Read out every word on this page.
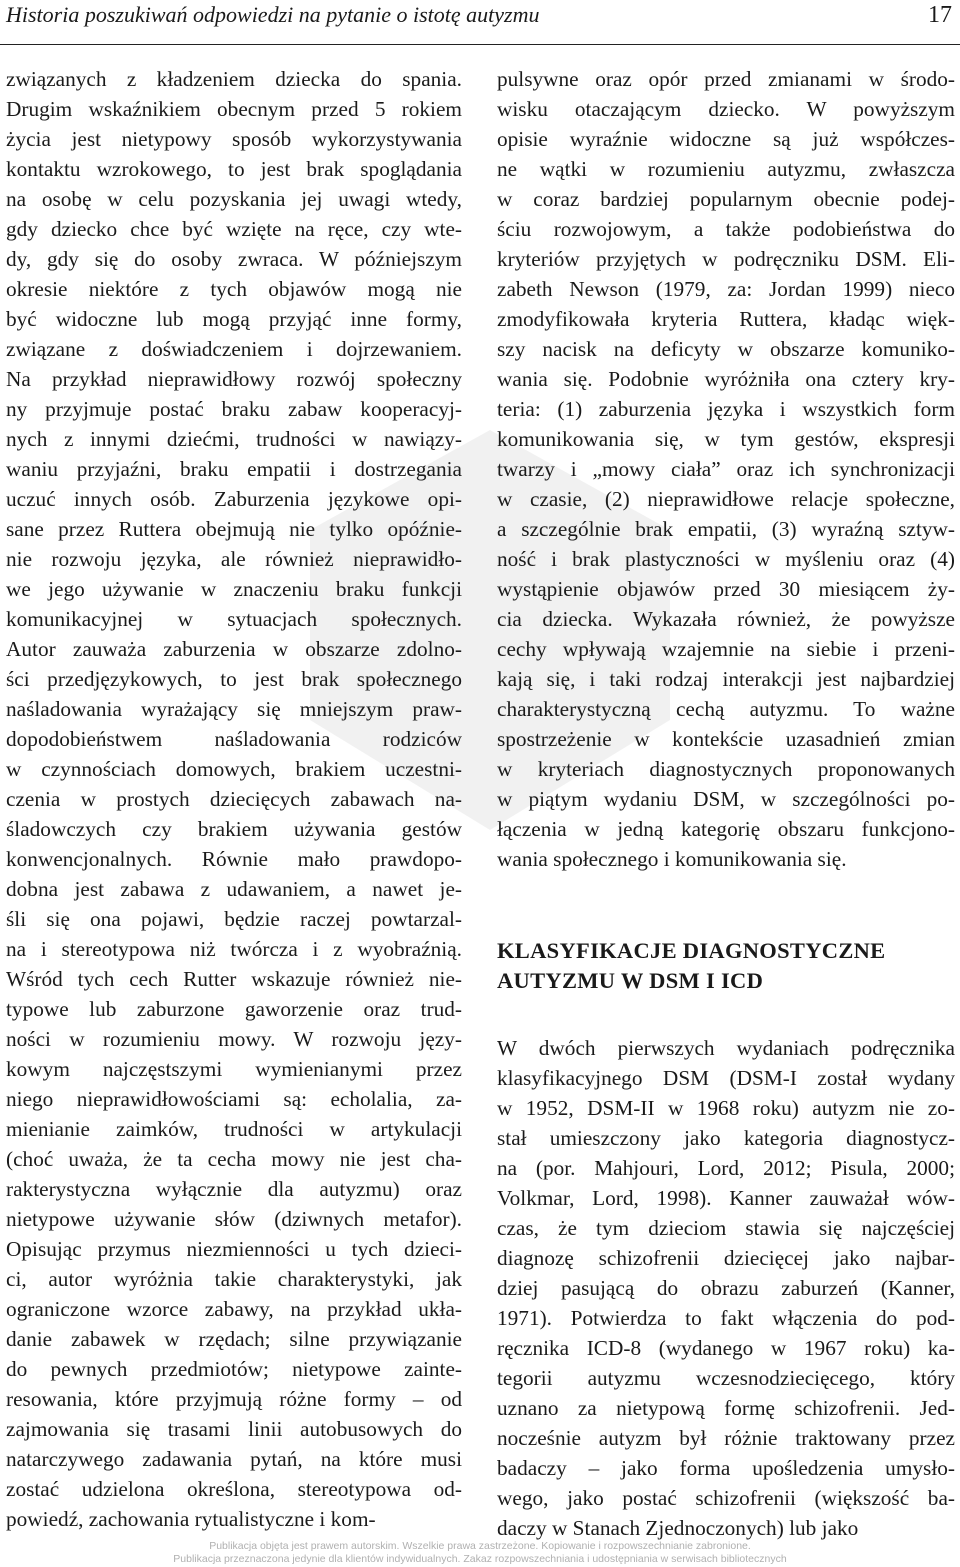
Historia poszukiwań odpowiedzi na pytanie o istotę autyzmu	17

związanych z kładzeniem dziecka do spania.
Drugim wskaźnikiem obecnym przed 5 rokiem
życia jest nietypowy sposób wykorzystywania
kontaktu wzrokowego, to jest brak spoglądania
na osobę w celu pozyskania jej uwagi wtedy,
gdy dziecko chce być wzięte na ręce, czy wte-
dy, gdy się do osoby zwraca. W późniejszym
okresie niektóre z tych objawów mogą nie
być widoczne lub mogą przyjąć inne formy,
związane z doświadczeniem i dojrzewaniem.
Na przykład nieprawidłowy rozwój społeczny
ny przyjmuje postać braku zabaw kooperacyj-
nych z innymi dziećmi, trudności w nawiązy-
waniu przyjaźni, braku empatii i dostrzegania
uczuć innych osób. Zaburzenia językowe opi-
sane przez Ruttera obejmują nie tylko opóźnie-
nie rozwoju języka, ale również nieprawidło-
we jego używanie w znaczeniu braku funkcji
komunikacyjnej w sytuacjach społecznych.
Autor zauważa zaburzenia w obszarze zdolno-
ści przedjęzykowych, to jest brak społecznego
naśladowania wyrażający się mniejszym praw-
dopodobieństwem naśladowania rodziców
w czynnościach domowych, brakiem uczestni-
czenia w prostych dziecięcych zabawach na-
śladowczych czy brakiem używania gestów
konwencjonalnych. Równie mało prawdopo-
dobna jest zabawa z udawaniem, a nawet je-
śli się ona pojawi, będzie raczej powtarzal-
na i stereotypowa niż twórcza i z wyobraźnią.
Wśród tych cech Rutter wskazuje również nie-
typowe lub zaburzone gaworzenie oraz trud-
ności w rozumieniu mowy. W rozwoju języ-
kowym najczęstszymi wymienianymi przez
niego nieprawidłowościami są: echolalia, za-
mienianie zaimków, trudności w artykulacji
(choć uważa, że ta cecha mowy nie jest cha-
rakterystyczna wyłącznie dla autyzmu) oraz
nietypowe używanie słów (dziwnych metafor).
Opisując przymus niezmienności u tych dzieci-
ci, autor wyróżnia takie charakterystyki, jak
ograniczone wzorce zabawy, na przykład ukła-
danie zabawek w rzędach; silne przywiązanie
do pewnych przedmiotów; nietypowe zainte-
resowania, które przyjmują różne formy – od
zajmowania się trasami linii autobusowych do
natarczywego zadawania pytań, na które musi
zostać udzielona określona, stereotypowa od-
powiedź, zachowania rytualistyczne i kom-

pulsywne oraz opór przed zmianami w środo-
wisku otaczającym dziecko. W powyższym
opisie wyraźnie widoczne są już współczes-
ne wątki w rozumieniu autyzmu, zwłaszcza
w coraz bardziej popularnym obecnie podej-
ściu rozwojowym, a także podobieństwa do
kryteriów przyjętych w podręczniku DSM. Eli-
zabeth Newson (1979, za: Jordan 1999) nieco
zmodyfikowała kryteria Ruttera, kładąc więk-
szy nacisk na deficyty w obszarze komuniko-
wania się. Podobnie wyróżniła ona cztery kry-
teria: (1) zaburzenia języka i wszystkich form
komunikowania się, w tym gestów, ekspresji
twarzy i „mowy ciała” oraz ich synchronizacji
w czasie, (2) nieprawidłowe relacje społeczne,
a szczególnie brak empatii, (3) wyraźną sztyw-
ność i brak plastyczności w myśleniu oraz (4)
wystąpienie objawów przed 30 miesiącem ży-
cia dziecka. Wykazała również, że powyższe
cechy wpływają wzajemnie na siebie i przeni-
kają się, i taki rodzaj interakcji jest najbardziej
charakterystyczną cechą autyzmu. To ważne
spostrzeżenie w kontekście uzasadnień zmian
w kryteriach diagnostycznych proponowanych
w piątym wydaniu DSM, w szczególności po-
łączenia w jedną kategorię obszaru funkcjono-
wania społecznego i komunikowania się.

KLASYFIKACJE DIAGNOSTYCZNE
AUTYZMU W DSM I ICD

W dwóch pierwszych wydaniach podręcznika
klasyfikacyjnego DSM (DSM-I został wydany
w 1952, DSM-II w 1968 roku) autyzm nie zo-
stał umieszczony jako kategoria diagnostycz-
na (por. Mahjouri, Lord, 2012; Pisula, 2000;
Volkmar, Lord, 1998). Kanner zauważał wów-
czas, że tym dzieciom stawia się najczęściej
diagnozę schizofrenii dziecięcej jako najbar-
dziej pasującą do obrazu zaburzeń (Kanner,
1971). Potwierdza to fakt włączenia do pod-
ręcznika ICD-8 (wydanego w 1967 roku) ka-
tegorii autyzmu wczesnodziecięcego, który
uznano za nietypową formę schizofrenii. Jed-
nocześnie autyzm był różnie traktowany przez
badaczy – jako forma upośledzenia umysło-
wego, jako postać schizofrenii (większość ba-
daczy w Stanach Zjednoczonych) lub jako

Publikacja objęta jest prawem autorskim. Wszelkie prawa zastrzeżone. Kopiowanie i rozpowszechnianie zabronione.
Publikacja przeznaczona jedynie dla klientów indywidualnych. Zakaz rozpowszechniania i udostępniania w serwisach bibliotecznych
